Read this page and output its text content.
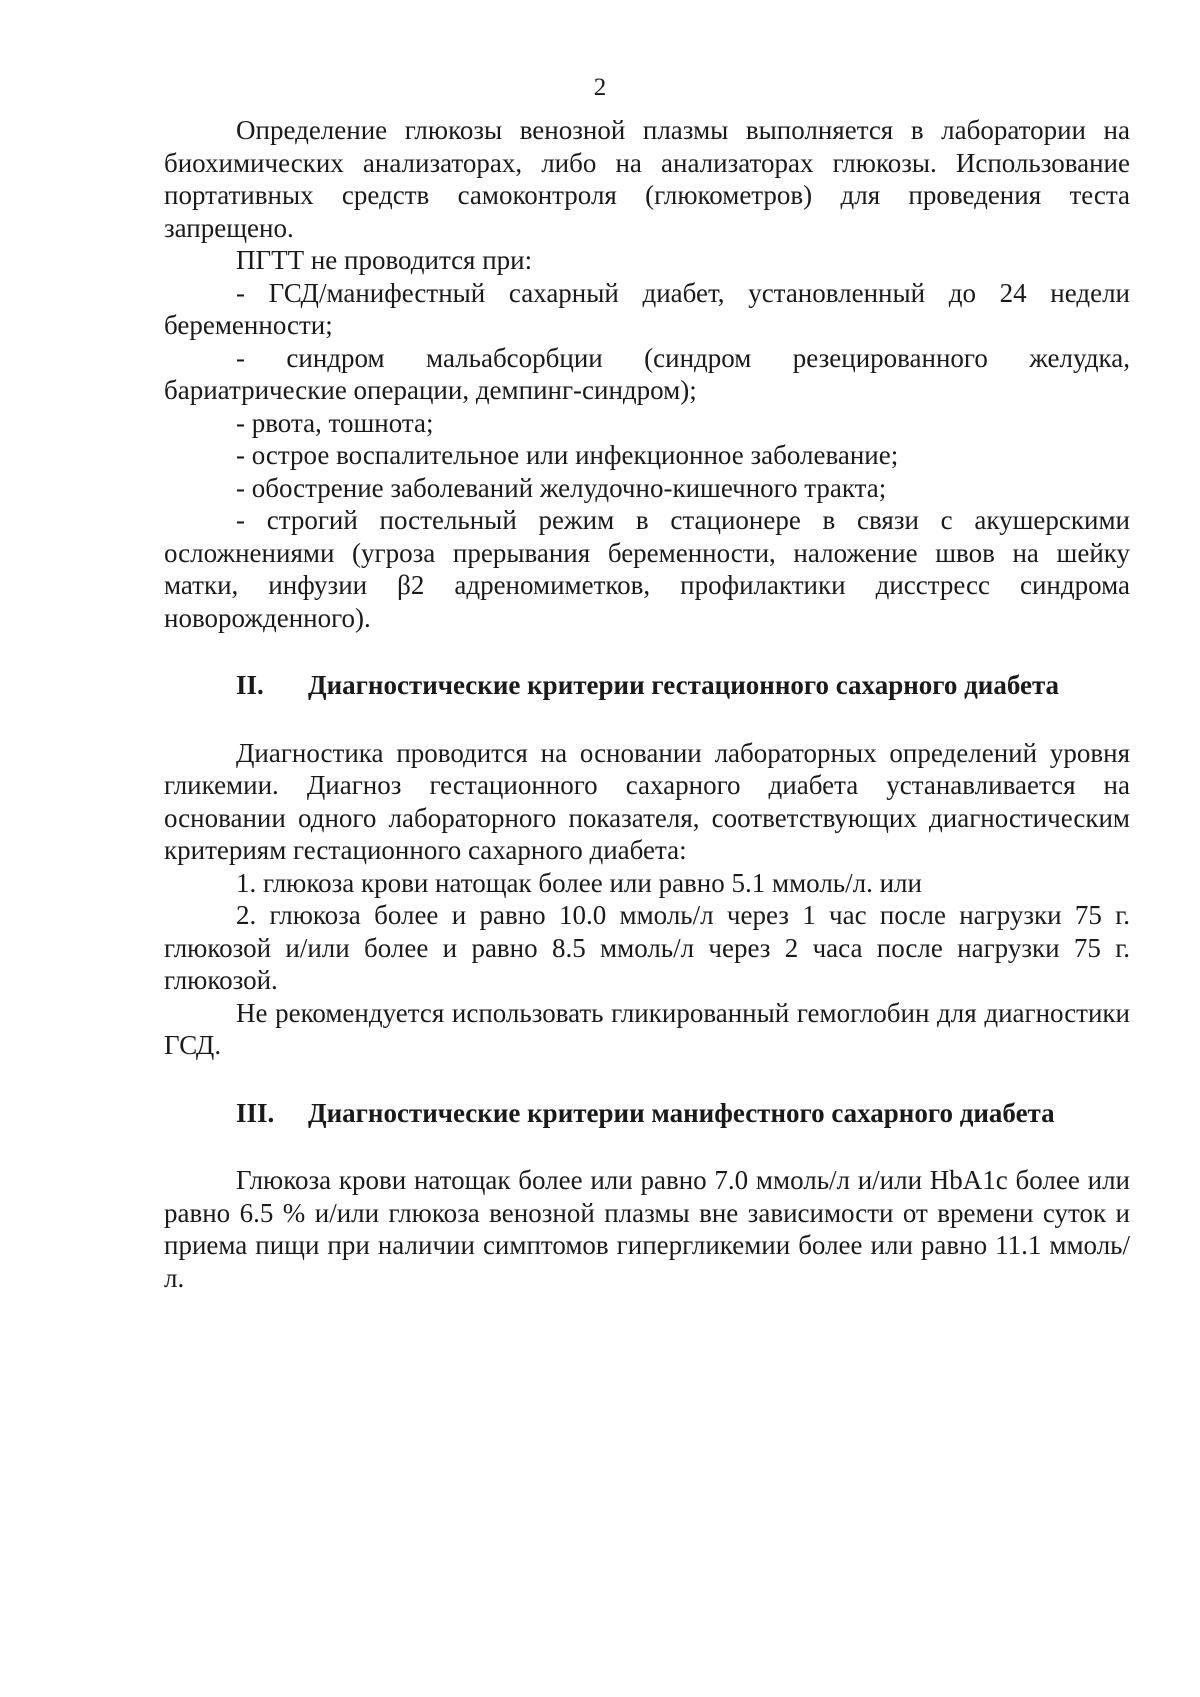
2

Определение глюкозы венозной плазмы выполняется в лаборатории на биохимических анализаторах, либо на анализаторах глюкозы. Использование портативных средств самоконтроля (глюкометров) для проведения теста запрещено.

ПГТТ не проводится при:

- ГСД/манифестный сахарный диабет, установленный до 24 недели беременности;

- синдром мальабсорбции (синдром резецированного желудка, бариатрические операции, демпинг-синдром);

- рвота, тошнота;

- острое воспалительное или инфекционное заболевание;

- обострение заболеваний желудочно-кишечного тракта;

- строгий постельный режим в стационере в связи с акушерскими осложнениями (угроза прерывания беременности, наложение швов на шейку матки, инфузии β2 адреномиметков, профилактики дисстресс синдрома новорожденного).

II. Диагностические критерии гестационного сахарного диабета

Диагностика проводится на основании лабораторных определений уровня гликемии. Диагноз гестационного сахарного диабета устанавливается на основании одного лабораторного показателя, соответствующих диагностическим критериям гестационного сахарного диабета:

1. глюкоза крови натощак более или равно 5.1 ммоль/л. или

2. глюкоза более и равно 10.0 ммоль/л через 1 час после нагрузки 75 г. глюкозой и/или более и равно 8.5 ммоль/л через 2 часа после нагрузки 75 г. глюкозой.

Не рекомендуется использовать гликированный гемоглобин для диагностики ГСД.

III. Диагностические критерии манифестного сахарного диабета

Глюкоза крови натощак более или равно 7.0 ммоль/л и/или HbA1c более или равно 6.5 % и/или глюкоза венозной плазмы вне зависимости от времени суток и приема пищи при наличии симптомов гипергликемии более или равно 11.1 ммоль/л.
